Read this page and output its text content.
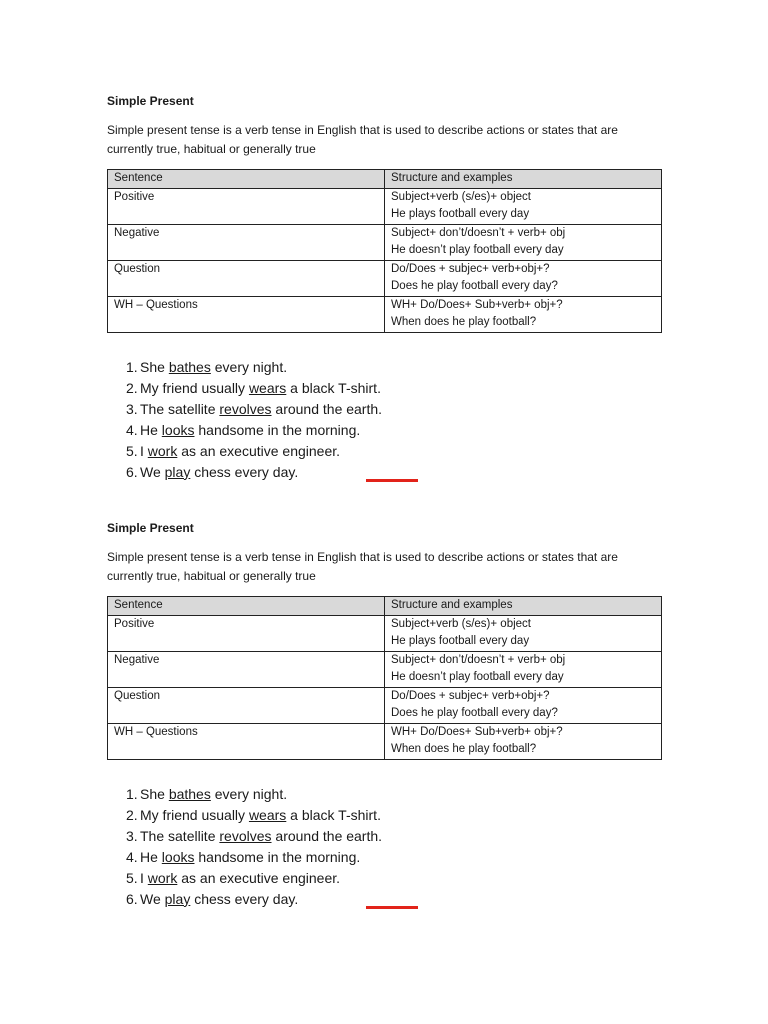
Simple Present

Simple present tense is a verb tense in English that is used to describe actions or states that are currently true, habitual or generally true

Sentence	Structure and examples
Positive	Subject+verb (s/es)+ object
He plays football every day

Negative	Subject+ don’t/doesn’t + verb+ obj
He doesn’t play football every day

Question	Do/Does + subjec+ verb+obj+?
Does he play football every day?

WH – Questions	WH+ Do/Does+ Sub+verb+ obj+?
When does he play football?
1. She bathes every night.
2. My friend usually wears a black T-shirt.
3. The satellite revolves around the earth.
4. He looks handsome in the morning.
5. I work as an executive engineer.
6. We play chess every day.

Simple Present

Simple present tense is a verb tense in English that is used to describe actions or states that are currently true, habitual or generally true

Sentence	Structure and examples
Positive	Subject+verb (s/es)+ object
He plays football every day

Negative	Subject+ don’t/doesn’t + verb+ obj
He doesn’t play football every day

Question	Do/Does + subjec+ verb+obj+?
Does he play football every day?

WH – Questions	WH+ Do/Does+ Sub+verb+ obj+?
When does he play football?
1. She bathes every night.
2. My friend usually wears a black T-shirt.
3. The satellite revolves around the earth.
4. He looks handsome in the morning.
5. I work as an executive engineer.
6. We play chess every day.
